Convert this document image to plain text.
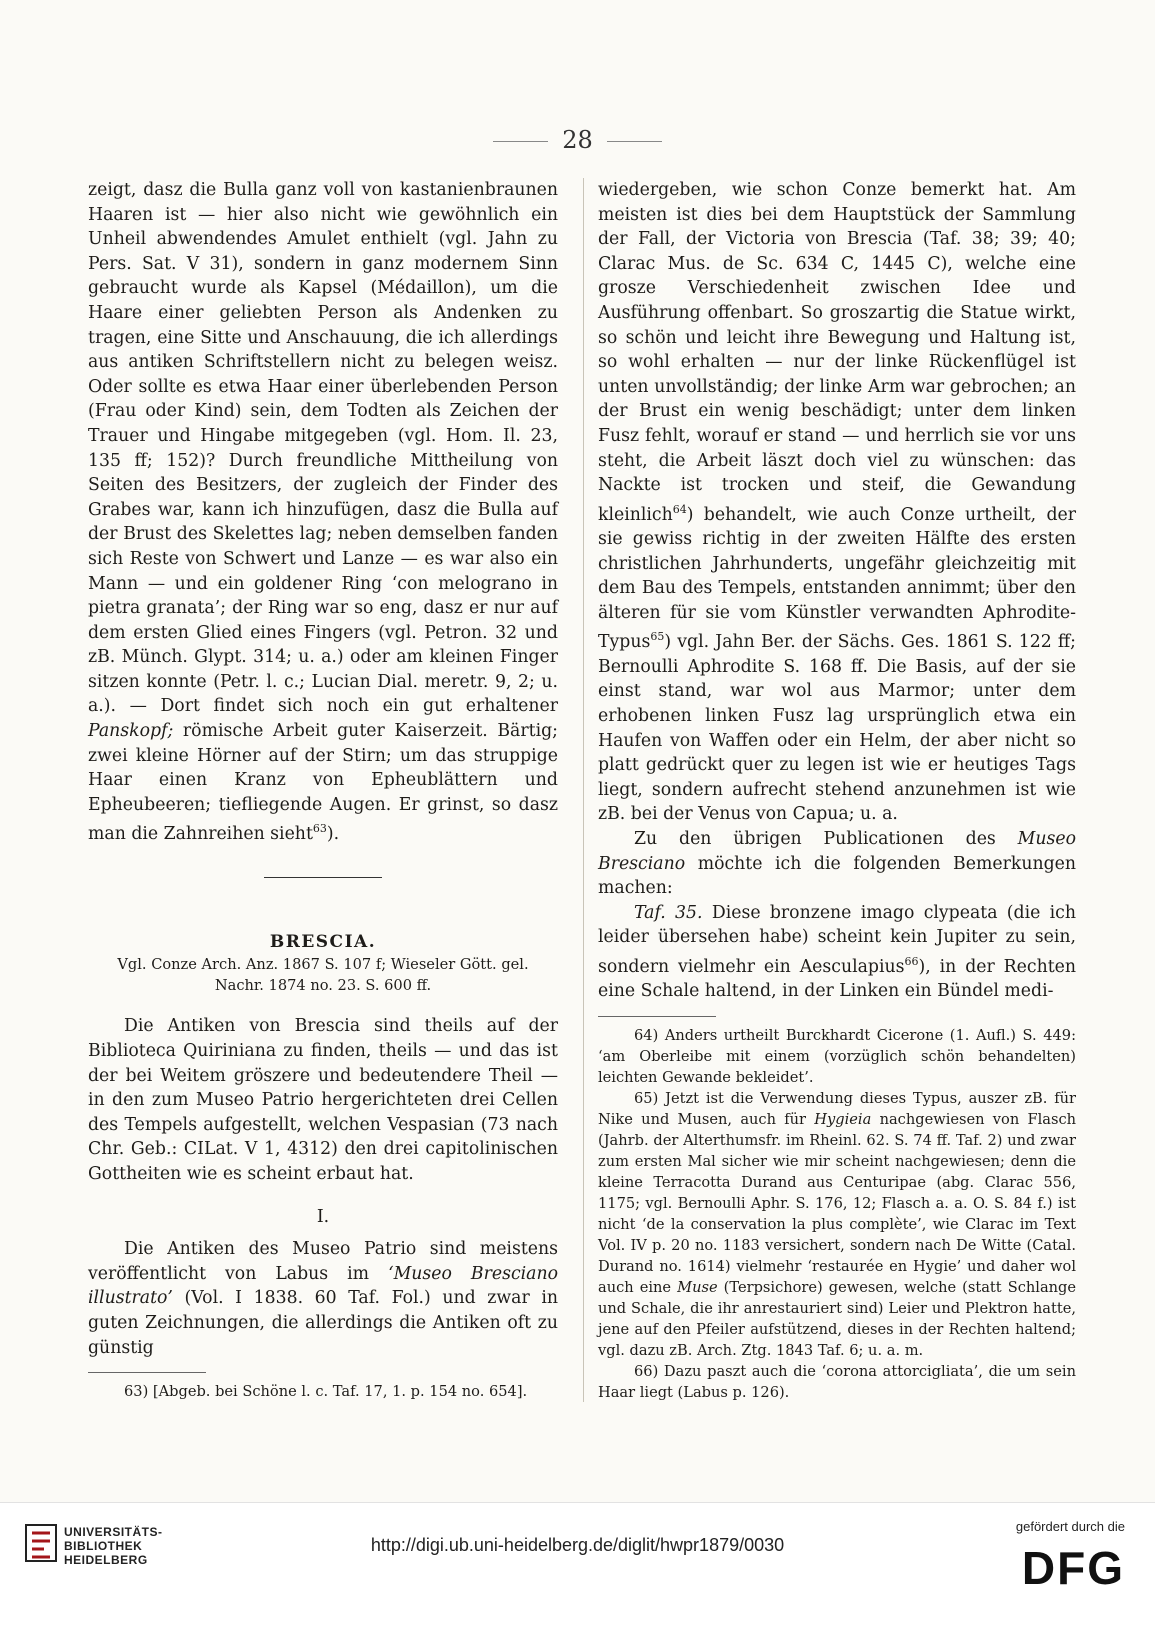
28

zeigt, dasz die Bulla ganz voll von kastanienbraunen Haaren ist — hier also nicht wie gewöhnlich ein Unheil abwendendes Amulet enthielt (vgl. Jahn zu Pers. Sat. V 31), sondern in ganz modernem Sinn gebraucht wurde als Kapsel (Médaillon), um die Haare einer geliebten Person als Andenken zu tragen, eine Sitte und Anschauung, die ich allerdings aus antiken Schriftstellern nicht zu belegen weisz. Oder sollte es etwa Haar einer überlebenden Person (Frau oder Kind) sein, dem Todten als Zeichen der Trauer und Hingabe mitgegeben (vgl. Hom. Il. 23, 135 ff; 152)? Durch freundliche Mittheilung von Seiten des Besitzers, der zugleich der Finder des Grabes war, kann ich hinzufügen, dasz die Bulla auf der Brust des Skelettes lag; neben demselben fanden sich Reste von Schwert und Lanze — es war also ein Mann — und ein goldener Ring ‘con melograno in pietra granata’; der Ring war so eng, dasz er nur auf dem ersten Glied eines Fingers (vgl. Petron. 32 und zB. Münch. Glypt. 314; u. a.) oder am kleinen Finger sitzen konnte (Petr. l. c.; Lucian Dial. meretr. 9, 2; u. a.). — Dort findet sich noch ein gut erhaltener Panskopf; römische Arbeit guter Kaiserzeit. Bärtig; zwei kleine Hörner auf der Stirn; um das struppige Haar einen Kranz von Epheublättern und Epheubeeren; tiefliegende Augen. Er grinst, so dasz man die Zahnreihen sieht$^{63}$).

BRESCIA.

Vgl. Conze Arch. Anz. 1867 S. 107 f; Wieseler Gött. gel. Nachr. 1874 no. 23. S. 600 ff.

Die Antiken von Brescia sind theils auf der Biblioteca Quiriniana zu finden, theils — und das ist der bei Weitem gröszere und bedeutendere Theil — in den zum Museo Patrio hergerichteten drei Cellen des Tempels aufgestellt, welchen Vespasian (73 nach Chr. Geb.: CILat. V 1, 4312) den drei capitolinischen Gottheiten wie es scheint erbaut hat.

I.

Die Antiken des Museo Patrio sind meistens veröffentlicht von Labus im ‘Museo Bresciano illustrato’ (Vol. I 1838. 60 Taf. Fol.) und zwar in guten Zeichnungen, die allerdings die Antiken oft zu günstig

63) [Abgeb. bei Schöne l. c. Taf. 17, 1. p. 154 no. 654].

wiedergeben, wie schon Conze bemerkt hat. Am meisten ist dies bei dem Hauptstück der Sammlung der Fall, der Victoria von Brescia (Taf. 38; 39; 40; Clarac Mus. de Sc. 634 C, 1445 C), welche eine grosze Verschiedenheit zwischen Idee und Ausführung offenbart. So groszartig die Statue wirkt, so schön und leicht ihre Bewegung und Haltung ist, so wohl erhalten — nur der linke Rückenflügel ist unten unvollständig; der linke Arm war gebrochen; an der Brust ein wenig beschädigt; unter dem linken Fusz fehlt, worauf er stand — und herrlich sie vor uns steht, die Arbeit läszt doch viel zu wünschen: das Nackte ist trocken und steif, die Gewandung kleinlich$^{64}$) behandelt, wie auch Conze urtheilt, der sie gewiss richtig in der zweiten Hälfte des ersten christlichen Jahrhunderts, ungefähr gleichzeitig mit dem Bau des Tempels, entstanden annimmt; über den älteren für sie vom Künstler verwandten Aphrodite-Typus$^{65}$) vgl. Jahn Ber. der Sächs. Ges. 1861 S. 122 ff; Bernoulli Aphrodite S. 168 ff. Die Basis, auf der sie einst stand, war wol aus Marmor; unter dem erhobenen linken Fusz lag ursprünglich etwa ein Haufen von Waffen oder ein Helm, der aber nicht so platt gedrückt quer zu legen ist wie er heutiges Tags liegt, sondern aufrecht stehend anzunehmen ist wie zB. bei der Venus von Capua; u. a.

Zu den übrigen Publicationen des Museo Bresciano möchte ich die folgenden Bemerkungen machen:

Taf. 35. Diese bronzene imago clypeata (die ich leider übersehen habe) scheint kein Jupiter zu sein, sondern vielmehr ein Aesculapius$^{66}$), in der Rechten eine Schale haltend, in der Linken ein Bündel medi-

64) Anders urtheilt Burckhardt Cicerone (1. Aufl.) S. 449: ‘am Oberleibe mit einem (vorzüglich schön behandelten) leichten Gewande bekleidet’.

65) Jetzt ist die Verwendung dieses Typus, auszer zB. für Nike und Musen, auch für Hygieia nachgewiesen von Flasch (Jahrb. der Alterthumsfr. im Rheinl. 62. S. 74 ff. Taf. 2) und zwar zum ersten Mal sicher wie mir scheint nachgewiesen; denn die kleine Terracotta Durand aus Centuripae (abg. Clarac 556, 1175; vgl. Bernoulli Aphr. S. 176, 12; Flasch a. a. O. S. 84 f.) ist nicht ‘de la conservation la plus complète’, wie Clarac im Text Vol. IV p. 20 no. 1183 versichert, sondern nach De Witte (Catal. Durand no. 1614) vielmehr ‘restaurée en Hygie’ und daher wol auch eine Muse (Terpsichore) gewesen, welche (statt Schlange und Schale, die ihr anrestauriert sind) Leier und Plektron hatte, jene auf den Pfeiler aufstützend, dieses in der Rechten haltend; vgl. dazu zB. Arch. Ztg. 1843 Taf. 6; u. a. m.

66) Dazu paszt auch die ‘corona attorcigliata’, die um sein Haar liegt (Labus p. 126).

UNIVERSITÄTS-
BIBLIOTHEK
HEIDELBERG
http://digi.ub.uni-heidelberg.de/diglit/hwpr1879/0030
gefördert durch die
DFG
